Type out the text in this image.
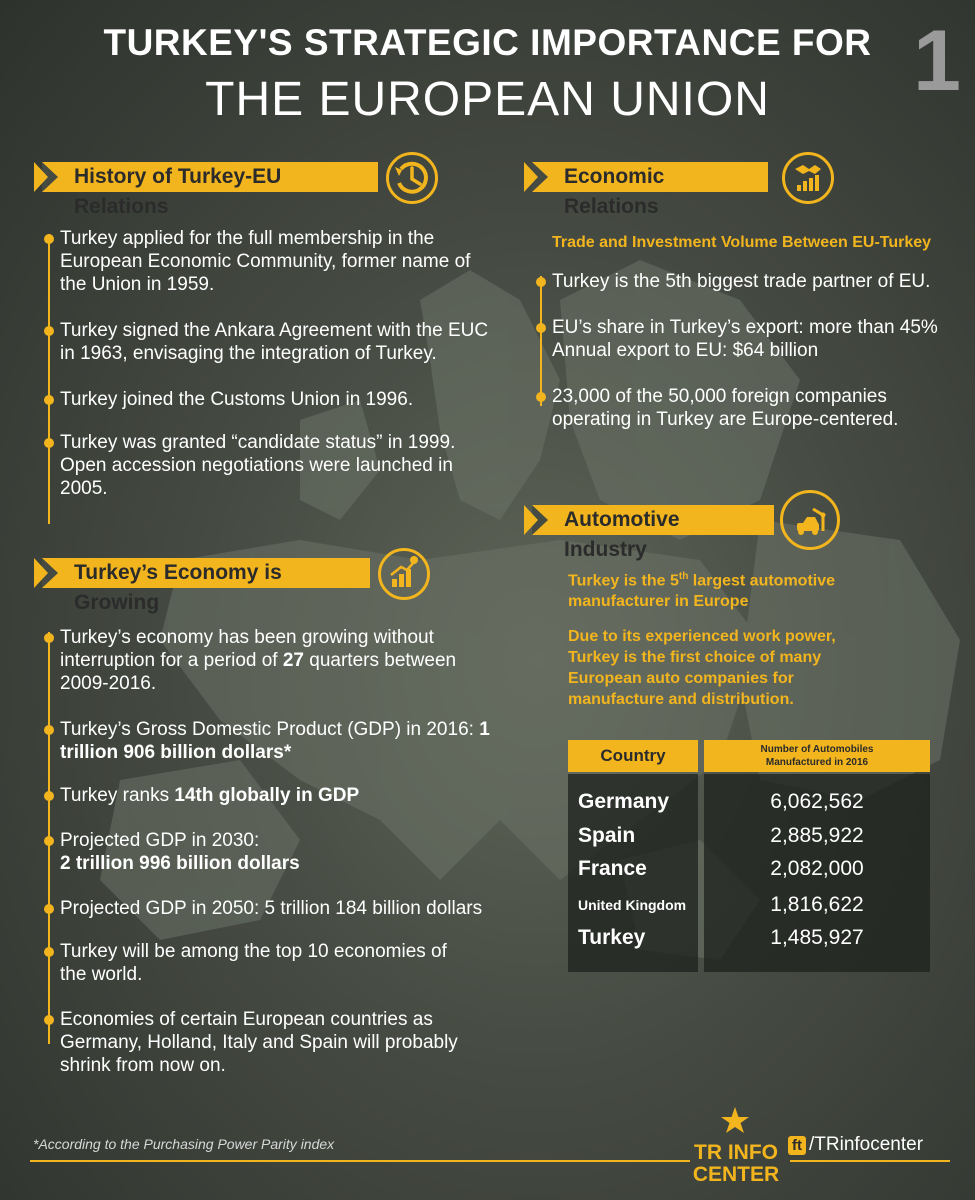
TURKEY'S STRATEGIC IMPORTANCE FOR
THE EUROPEAN UNION	1
History of Turkey-EU Relations
Turkey applied for the full membership in the European Economic Community, former name of the Union in 1959.
Turkey signed the Ankara Agreement with the EUC in 1963, envisaging the integration of Turkey.
Turkey joined the Customs Union in 1996.
Turkey was granted “candidate status” in 1999. Open accession negotiations were launched in 2005.
Turkey’s Economy is Growing
Turkey’s economy has been growing without interruption for a period of 27 quarters between 2009-2016.
Turkey’s Gross Domestic Product (GDP) in 2016: 1 trillion 906 billion dollars*
Turkey ranks 14th globally in GDP
Projected GDP in 2030:
2 trillion 996 billion dollars
Projected GDP in 2050: 5 trillion 184 billion dollars
Turkey will be among the top 10 economies of the world.
Economies of certain European countries as Germany, Holland, Italy and Spain will probably shrink from now on.
*According to the Purchasing Power Parity index
Economic Relations
Trade and Investment Volume Between EU-Turkey
Turkey is the 5th biggest trade partner of EU.
EU’s share in Turkey’s export: more than 45% Annual export to EU: $64 billion
23,000 of the 50,000 foreign companies operating in Turkey are Europe-centered.
Automotive Industry
Turkey is the 5th largest automotive manufacturer in Europe
Due to its experienced work power, Turkey is the first choice of many European auto companies for manufacture and distribution.
Country	Number of Automobiles Manufactured in 2016
Germany	6,062,562
Spain	2,885,922
France	2,082,000
United Kingdom	1,816,622
Turkey	1,485,927
TR INFO
CENTER
ft /TRinfocenter
